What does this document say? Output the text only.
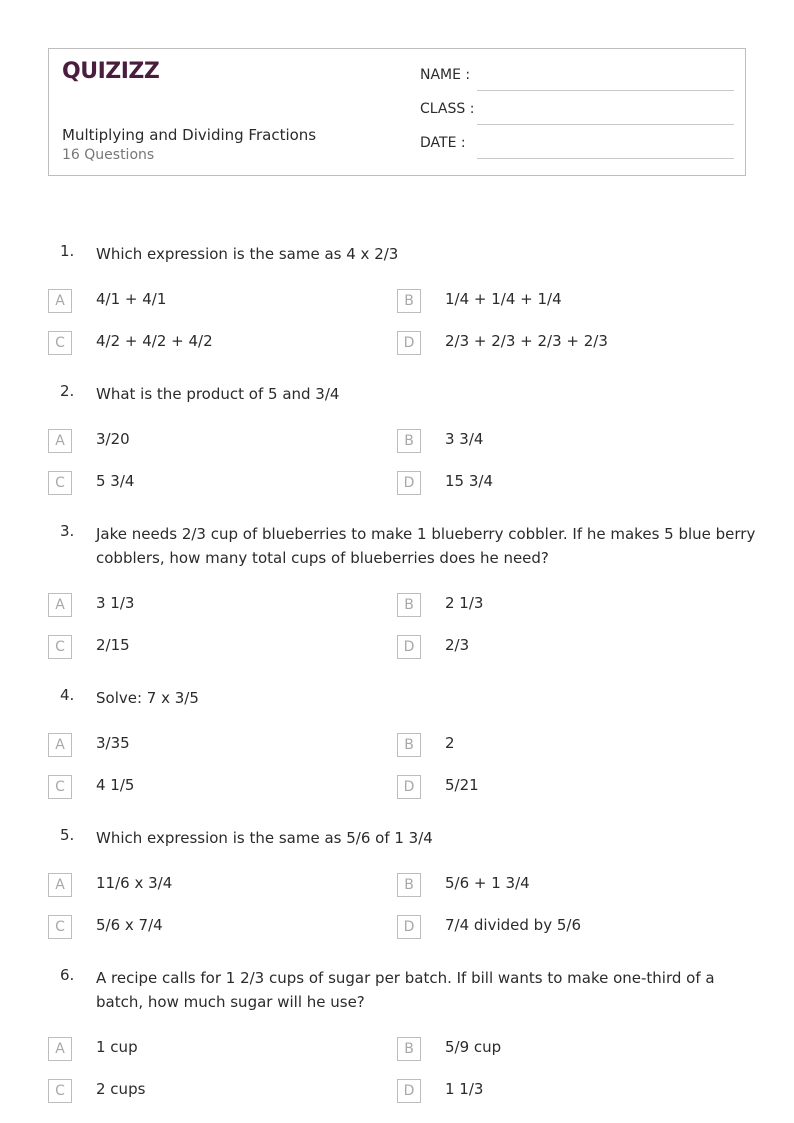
QUIZIZZ
Multiplying and Dividing Fractions
16 Questions
NAME :
CLASS :
DATE :
1. Which expression is the same as 4 x 2/3
A	4/1 + 4/1	B	1/4 + 1/4 + 1/4
C	4/2 + 4/2 + 4/2	D	2/3 + 2/3 + 2/3 + 2/3
2. What is the product of 5 and 3/4
A	3/20	B	3 3/4
C	5 3/4	D	15 3/4
3. Jake needs 2/3 cup of blueberries to make 1 blueberry cobbler. If he makes 5 blue berry cobblers, how many total cups of blueberries does he need?
A	3 1/3	B	2 1/3
C	2/15	D	2/3
4. Solve: 7 x 3/5
A	3/35	B	2
C	4 1/5	D	5/21
5. Which expression is the same as 5/6 of 1 3/4
A	11/6 x 3/4	B	5/6 + 1 3/4
C	5/6 x 7/4	D	7/4 divided by 5/6
6. A recipe calls for 1 2/3 cups of sugar per batch. If bill wants to make one-third of a batch, how much sugar will he use?
A	1 cup	B	5/9 cup
C	2 cups	D	1 1/3
